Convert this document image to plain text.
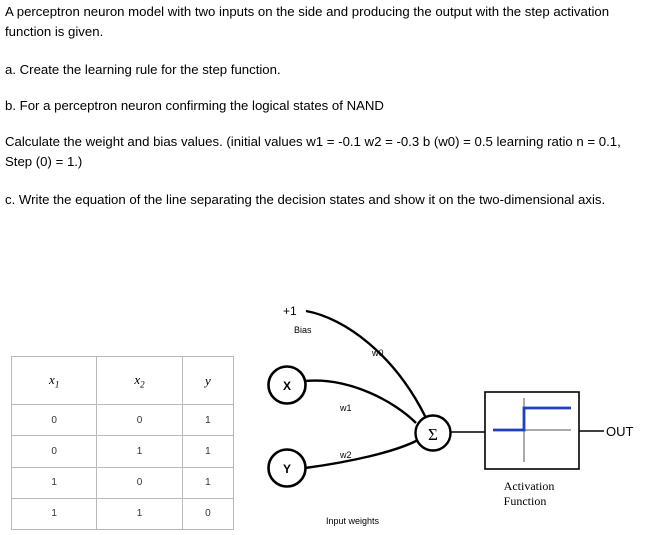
A perceptron neuron model with two inputs on the side and producing the output with the step activation function is given.

a. Create the learning rule for the step function.

b. For a perceptron neuron confirming the logical states of NAND

Calculate the weight and bias values. (initial values w1 = -0.1 w2 = -0.3 b (w0) = 0.5 learning ratio n = 0.1, Step (0) = 1.)

c. Write the equation of the line separating the decision states and show it on the two-dimensional axis.

$x_1$	$x_2$	y
0	0	1
0	1	1
1	0	1
1	1	0
+1
Bias
w0
X
w1
Y
w2
Σ
Activation
Function
OUT
Input weights
